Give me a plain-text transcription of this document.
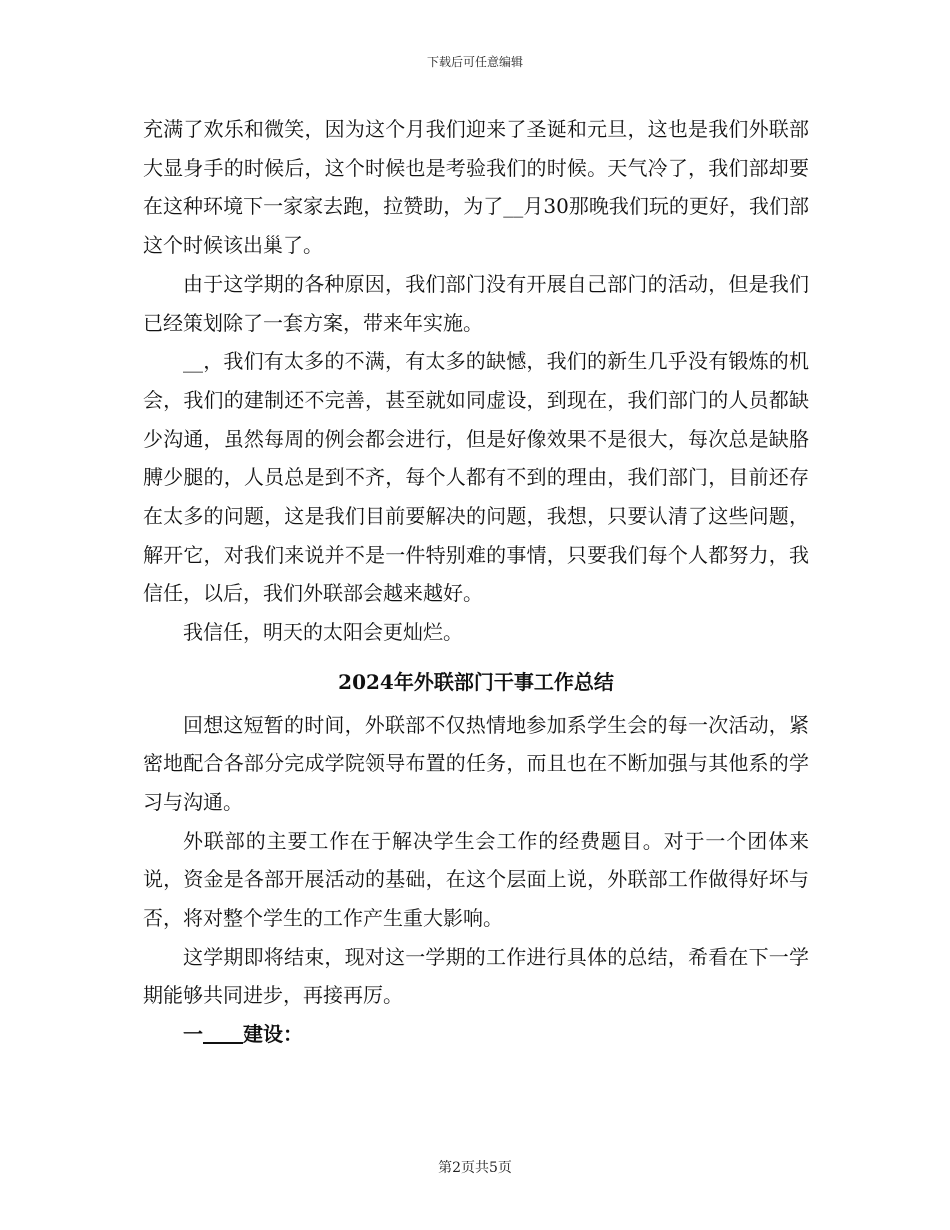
下载后可任意编辑

充满了欢乐和微笑，因为这个月我们迎来了圣诞和元旦，这也是我们外联部大显身手的时候后，这个时候也是考验我们的时候。天气冷了，我们部却要在这种环境下一家家去跑，拉赞助，为了__月30那晚我们玩的更好，我们部这个时候该出巢了。

由于这学期的各种原因，我们部门没有开展自己部门的活动，但是我们已经策划除了一套方案，带来年实施。

__，我们有太多的不满，有太多的缺憾，我们的新生几乎没有锻炼的机会，我们的建制还不完善，甚至就如同虚设，到现在，我们部门的人员都缺少沟通，虽然每周的例会都会进行，但是好像效果不是很大，每次总是缺胳膊少腿的，人员总是到不齐，每个人都有不到的理由，我们部门，目前还存在太多的问题，这是我们目前要解决的问题，我想，只要认清了这些问题，解开它，对我们来说并不是一件特别难的事情，只要我们每个人都努力，我信任，以后，我们外联部会越来越好。

我信任，明天的太阳会更灿烂。

2024年外联部门干事工作总结

回想这短暂的时间，外联部不仅热情地参加系学生会的每一次活动，紧密地配合各部分完成学院领导布置的任务，而且也在不断加强与其他系的学习与沟通。

外联部的主要工作在于解决学生会工作的经费题目。对于一个团体来说，资金是各部开展活动的基础，在这个层面上说，外联部工作做得好坏与否，将对整个学生的工作产生重大影响。

这学期即将结束，现对这一学期的工作进行具体的总结，希看在下一学期能够共同进步，再接再厉。

一 建设：

第2页共5页
